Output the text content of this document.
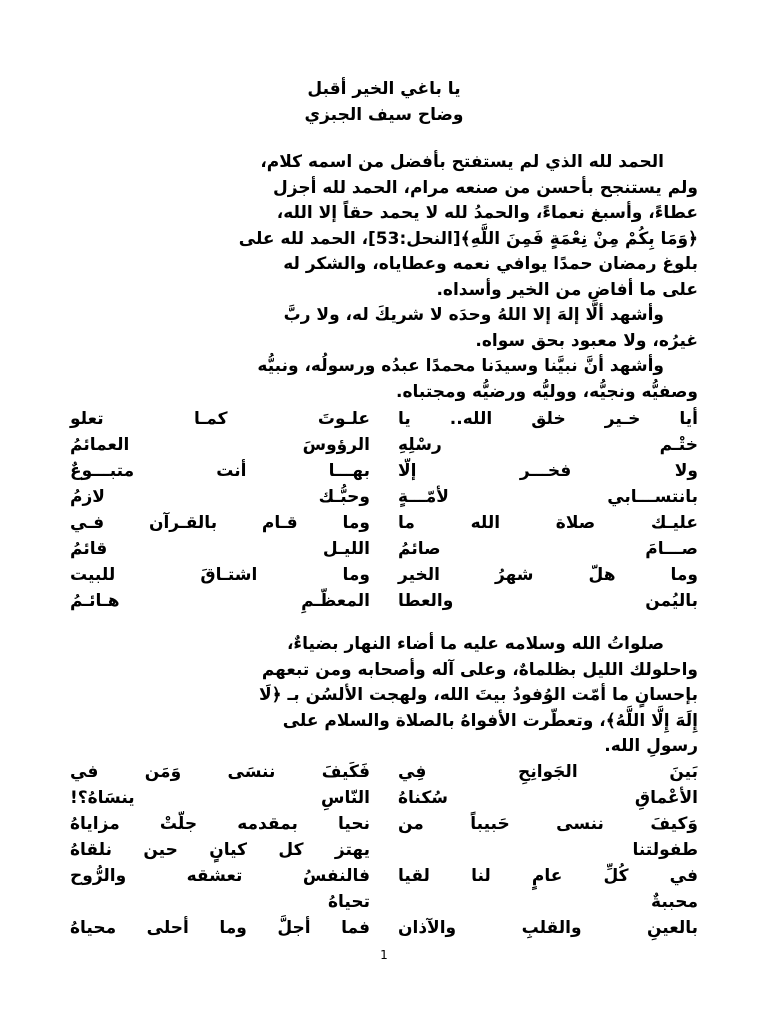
يا باغي الخير أقبل
وضاح سيف الجبزي
الحمد لله الذي لم يستفتح بأفضل من اسمه كلام،
ولم يستنجح بأحسن من صنعه مرام، الحمد لله أجزل
عطاءً، وأسبغ نعماءً، والحمدُ لله لا يحمد حقاً إلا الله،
﴿وَمَا بِكُمْ مِنْ نِعْمَةٍ فَمِنَ اللَّهِ﴾[النحل:53]، الحمد لله على
بلوغ رمضان حمدًا يوافي نعمه وعطاياه، والشكر له
على ما أفاض من الخير وأسداه.
وأشهد ألَّا إلهَ إلا اللهُ وحدَه لا شريكَ له، ولا ربَّ
غيرُه، ولا معبود بحق سواه.
وأشهد أنَّ نبيَّنا وسيدَنا محمدًا عبدُه ورسولُه، ونبيُّه
وصفيُّه ونجيُّه، ووليُّه ورضيُّه ومجتباه.
أيا خـير خلق الله.. يا
ختْـم رسْلِهِ
علـوتَ كمـا تعلو
الرؤوسَ العمائمُ
ولا فخـــر إلّا
بانتســـابي لأمّـــةٍ
بهـــا أنت متبـــوعٌ
وحبُّـك لازمُ
عليـك صلاة الله ما
صـــامَ صائمُ
وما قـام بالقـرآن فـي
الليـل قائمُ
وما هلّ شهرُ الخير
باليُمن والعطا
وما اشتـاقَ للبيت
المعظّـمِ هـائـمُ
صلواتُ الله وسلامه عليه ما أضاء النهار بضياءٌ،
واحلولك الليل بظلماهٌ، وعلى آله وأصحابه ومن تبعهم
بإحسانٍ ما أمّت الوُفودُ بيتَ الله، ولهجت الألسُن بـ ﴿لَا
إِلَهَ إِلَّا اللَّهُ﴾، وتعطّرت الأفواهُ بالصلاة والسلام على
رسولِ الله.
بَينَ الجَوانِحِ فِي
الأعْماقِ سُكناهُ
فَكَيفَ ننسَى وَمَن في
النّاسِ ينسَاهُ؟!
وَكيفَ ننسى حَبيباً من
طفولتنا
نحيا بمقدمه جلّتْ مزاياهُ
يهتز كل كيانٍ حين نلقاهُ
في كُلِّ عامٍ لنا لقيا
محببةٌ
فالنفسُ تعشقه والرُّوح
تحياهُ
بالعينِ والقلبِ والآذان
فما أجلَّ وما أحلى محياهُ
1
